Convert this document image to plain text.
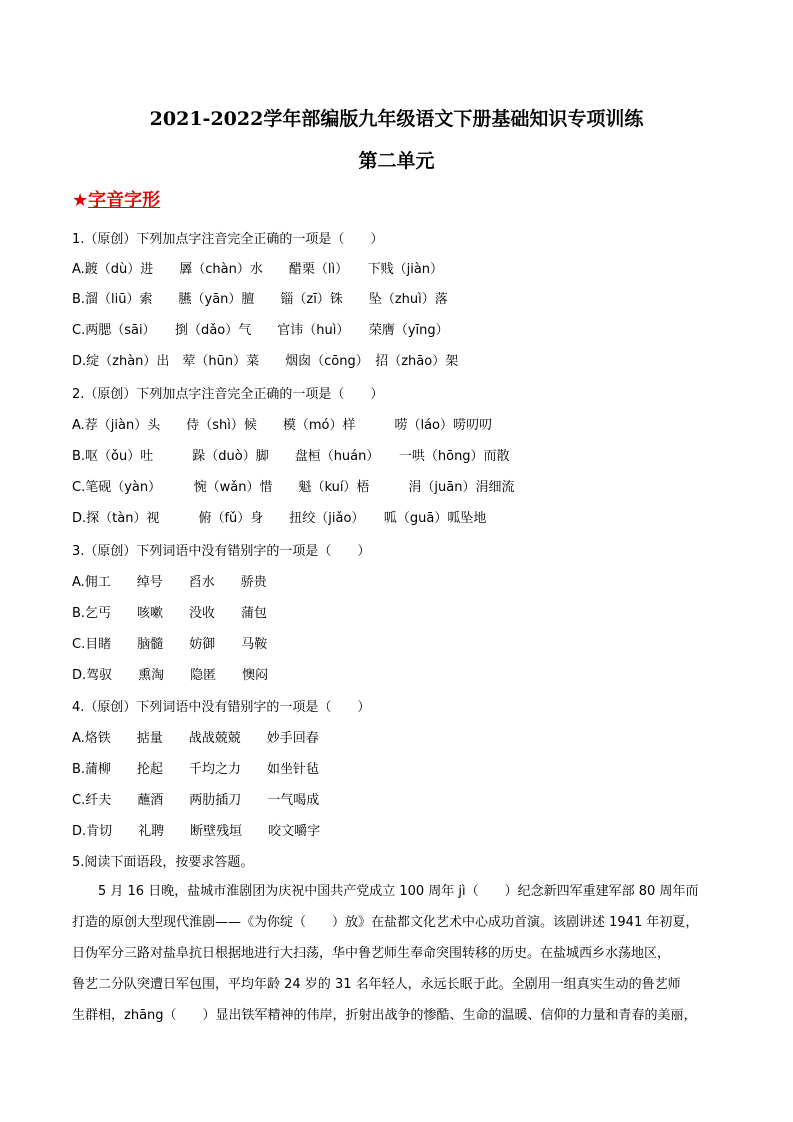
2021-2022学年部编版九年级语文下册基础知识专项训练
第二单元
★字音字形
1.（原创）下列加点字注音完全正确的一项是（　　）
A.踱（dù）进　　羼（chàn）水　　醋栗（lì）　　下贱（jiàn）
B.溜（liū）索　　臙（yān）膻　　锱（zī）铢　　坠（zhuì）落
C.两腮（sāi）　　捯（dǎo）气　　官讳（huì）　　荣膺（yīng）
D.绽（zhàn）出　荤（hūn）菜　　烟囱（cōng）　招（zhāo）架
2.（原创）下列加点字注音完全正确的一项是（　　）
A.荐（jiàn）头　　侍（shì）候　　模（mó）样　　　唠（láo）唠叨叨
B.呕（ǒu）吐　　　跺（duò）脚　　盘桓（huán）　　一哄（hōng）而散
C.笔砚（yàn）　　　惋（wǎn）惜　　魁（kuí）梧　　　涓（juān）涓细流
D.探（tàn）视　　　俯（fǔ）身　　扭绞（jiǎo）　　呱（guā）呱坠地
3.（原创）下列词语中没有错别字的一项是（　　）
A.佣工　　绰号　　舀水　　骄贵
B.乞丐　　咳嗽　　没收　　蒲包
C.目睹　　脑髓　　妨御　　马鞍
D.驾驭　　熏淘　　隐匿　　懊闷
4.（原创）下列词语中没有错别字的一项是（　　）
A.烙铁　　掂量　　战战兢兢　　妙手回春
B.蒲柳　　抡起　　千均之力　　如坐针毡
C.纤夫　　蘸酒　　两肋插刀　　一气喝成
D.肯切　　礼聘　　断壁残垣　　咬文嚼字
5.阅读下面语段，按要求答题。

　　5 月 16 日晚，盐城市淮剧团为庆祝中国共产党成立 100 周年 jì（　　）纪念新四军重建军部 80 周年而

打造的原创大型现代淮剧——《为你绽（　　）放》在盐都文化艺术中心成功首演。该剧讲述 1941 年初夏，

日伪军分三路对盐阜抗日根据地进行大扫荡，华中鲁艺师生奉命突围转移的历史。在盐城西乡水荡地区，

鲁艺二分队突遭日军包围，平均年龄 24 岁的 31 名年轻人，永远长眠于此。全剧用一组真实生动的鲁艺师

生群相，zhāng（　　）显出铁军精神的伟岸，折射出战争的惨酷、生命的温暖、信仰的力量和青春的美丽，
